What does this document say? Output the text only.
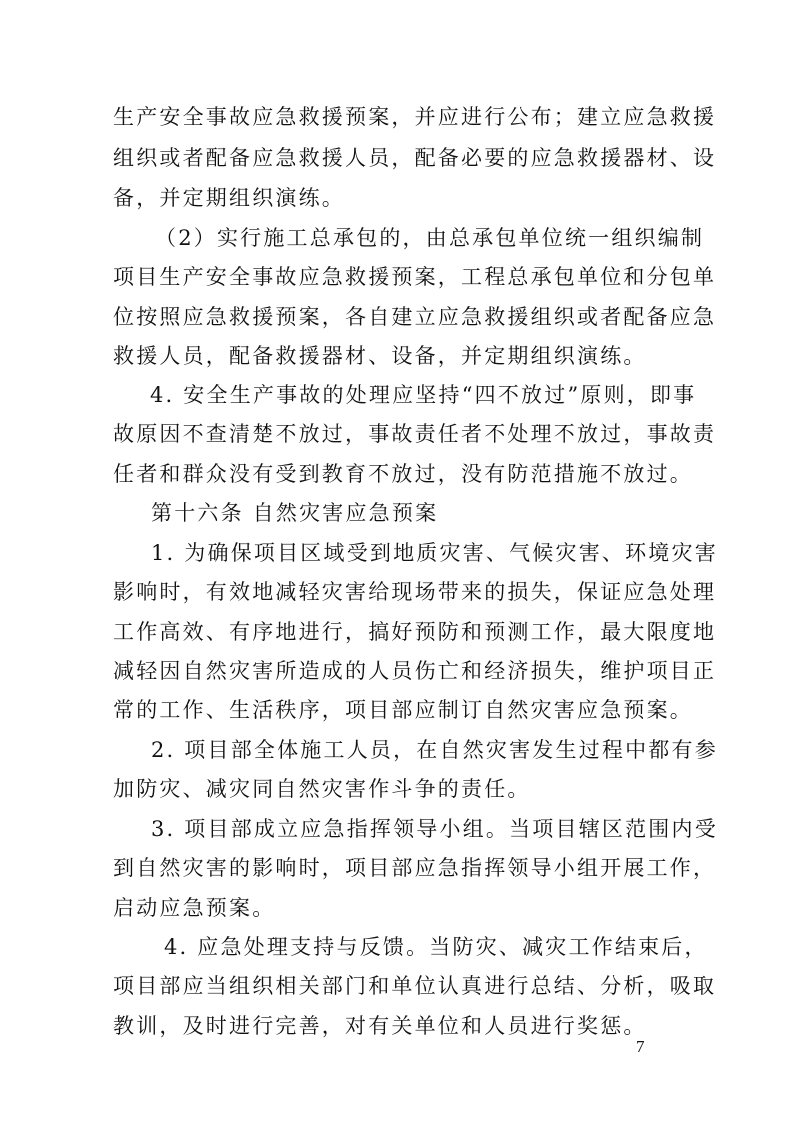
生产安全事故应急救援预案，并应进行公布；建立应急救援
组织或者配备应急救援人员，配备必要的应急救援器材、设
备，并定期组织演练。
（2）实行施工总承包的，由总承包单位统一组织编制
项目生产安全事故应急救援预案，工程总承包单位和分包单
位按照应急救援预案，各自建立应急救援组织或者配备应急
救援人员，配备救援器材、设备，并定期组织演练。
4. 安全生产事故的处理应坚持“四不放过”原则，即事
故原因不查清楚不放过，事故责任者不处理不放过，事故责
任者和群众没有受到教育不放过，没有防范措施不放过。
第十六条 自然灾害应急预案
1. 为确保项目区域受到地质灾害、气候灾害、环境灾害
影响时，有效地减轻灾害给现场带来的损失，保证应急处理
工作高效、有序地进行，搞好预防和预测工作，最大限度地
减轻因自然灾害所造成的人员伤亡和经济损失，维护项目正
常的工作、生活秩序，项目部应制订自然灾害应急预案。
2. 项目部全体施工人员，在自然灾害发生过程中都有参
加防灾、减灾同自然灾害作斗争的责任。
3. 项目部成立应急指挥领导小组。当项目辖区范围内受
到自然灾害的影响时，项目部应急指挥领导小组开展工作，
启动应急预案。
4. 应急处理支持与反馈。当防灾、减灾工作结束后，
项目部应当组织相关部门和单位认真进行总结、分析，吸取
教训，及时进行完善，对有关单位和人员进行奖惩。
7
